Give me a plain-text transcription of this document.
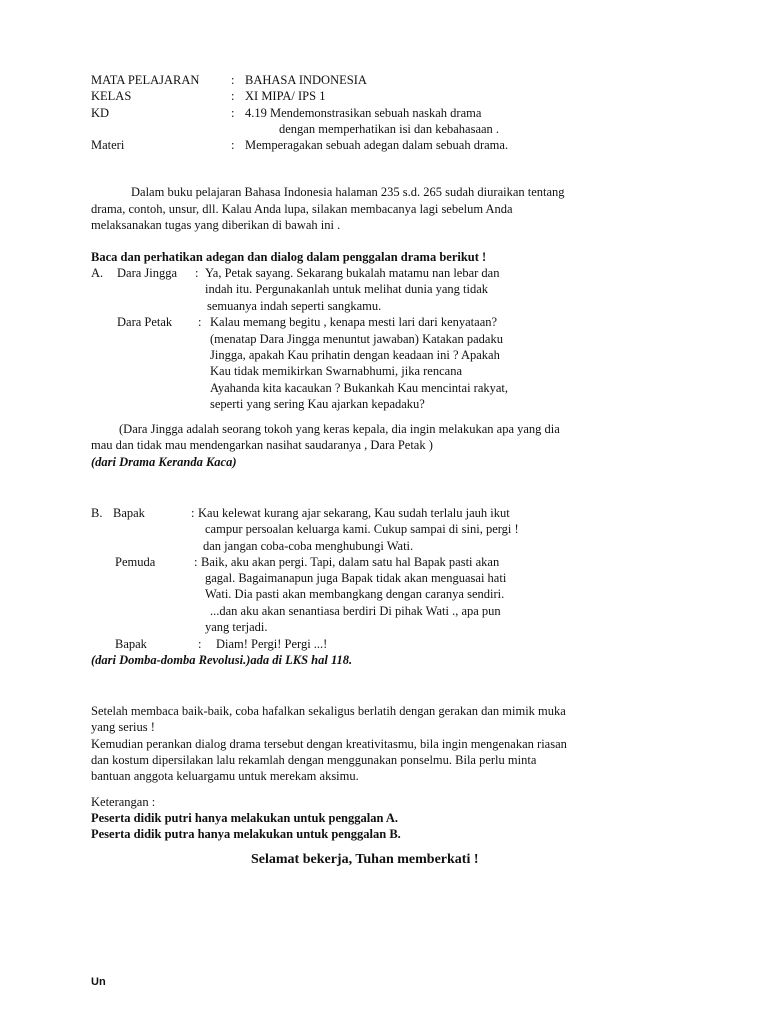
MATA PELAJARAN	: BAHASA INDONESIA
KELAS	: XI MIPA/ IPS 1
KD	: 4.19 Mendemonstrasikan sebuah naskah drama
dengan memperhatikan isi dan kebahasaan .
Materi	: Memperagakan sebuah adegan dalam sebuah drama.
Dalam buku pelajaran Bahasa Indonesia halaman 235 s.d. 265 sudah diuraikan tentang
drama, contoh, unsur, dll. Kalau Anda lupa, silakan membacanya lagi sebelum Anda
melaksanakan tugas yang diberikan di bawah ini .
Baca dan perhatikan adegan dan dialog dalam penggalan drama berikut !
A. Dara Jingga : Ya, Petak sayang. Sekarang bukalah matamu nan lebar dan
indah itu. Pergunakanlah untuk melihat dunia yang tidak
semuanya indah seperti sangkamu.
Dara Petak : Kalau memang begitu , kenapa mesti lari dari kenyataan?
(menatap Dara Jingga menuntut jawaban) Katakan padaku
Jingga, apakah Kau prihatin dengan keadaan ini ? Apakah
Kau tidak memikirkan Swarnabhumi, jika rencana
Ayahanda kita kacaukan ? Bukankah Kau mencintai rakyat,
seperti yang sering Kau ajarkan kepadaku?
(Dara Jingga adalah seorang tokoh yang keras kepala, dia ingin melakukan apa yang dia
mau dan tidak mau mendengarkan nasihat saudaranya , Dara Petak )
(dari Drama Keranda Kaca)
B. Bapak	: Kau kelewat kurang ajar sekarang, Kau sudah terlalu jauh ikut
campur persoalan keluarga kami. Cukup sampai di sini, pergi !
dan jangan coba-coba menghubungi Wati.
Pemuda	: Baik, aku akan pergi. Tapi, dalam satu hal Bapak pasti akan
gagal. Bagaimanapun juga Bapak tidak akan menguasai hati
Wati. Dia pasti akan membangkang dengan caranya sendiri.
...dan aku akan senantiasa berdiri Di pihak Wati ., apa pun
yang terjadi.
Bapak	: Diam! Pergi! Pergi ...!
(dari Domba-domba Revolusi.)ada di LKS hal 118.
Setelah membaca baik-baik, coba hafalkan sekaligus berlatih dengan gerakan dan mimik muka
yang serius !
Kemudian perankan dialog drama tersebut dengan kreativitasmu, bila ingin mengenakan riasan
dan kostum dipersilakan lalu rekamlah dengan menggunakan ponselmu. Bila perlu minta
bantuan anggota keluargamu untuk merekam aksimu.
Keterangan :
Peserta didik putri hanya melakukan untuk penggalan A.
Peserta didik putra hanya melakukan untuk penggalan B.
Selamat bekerja, Tuhan memberkati !
Un
